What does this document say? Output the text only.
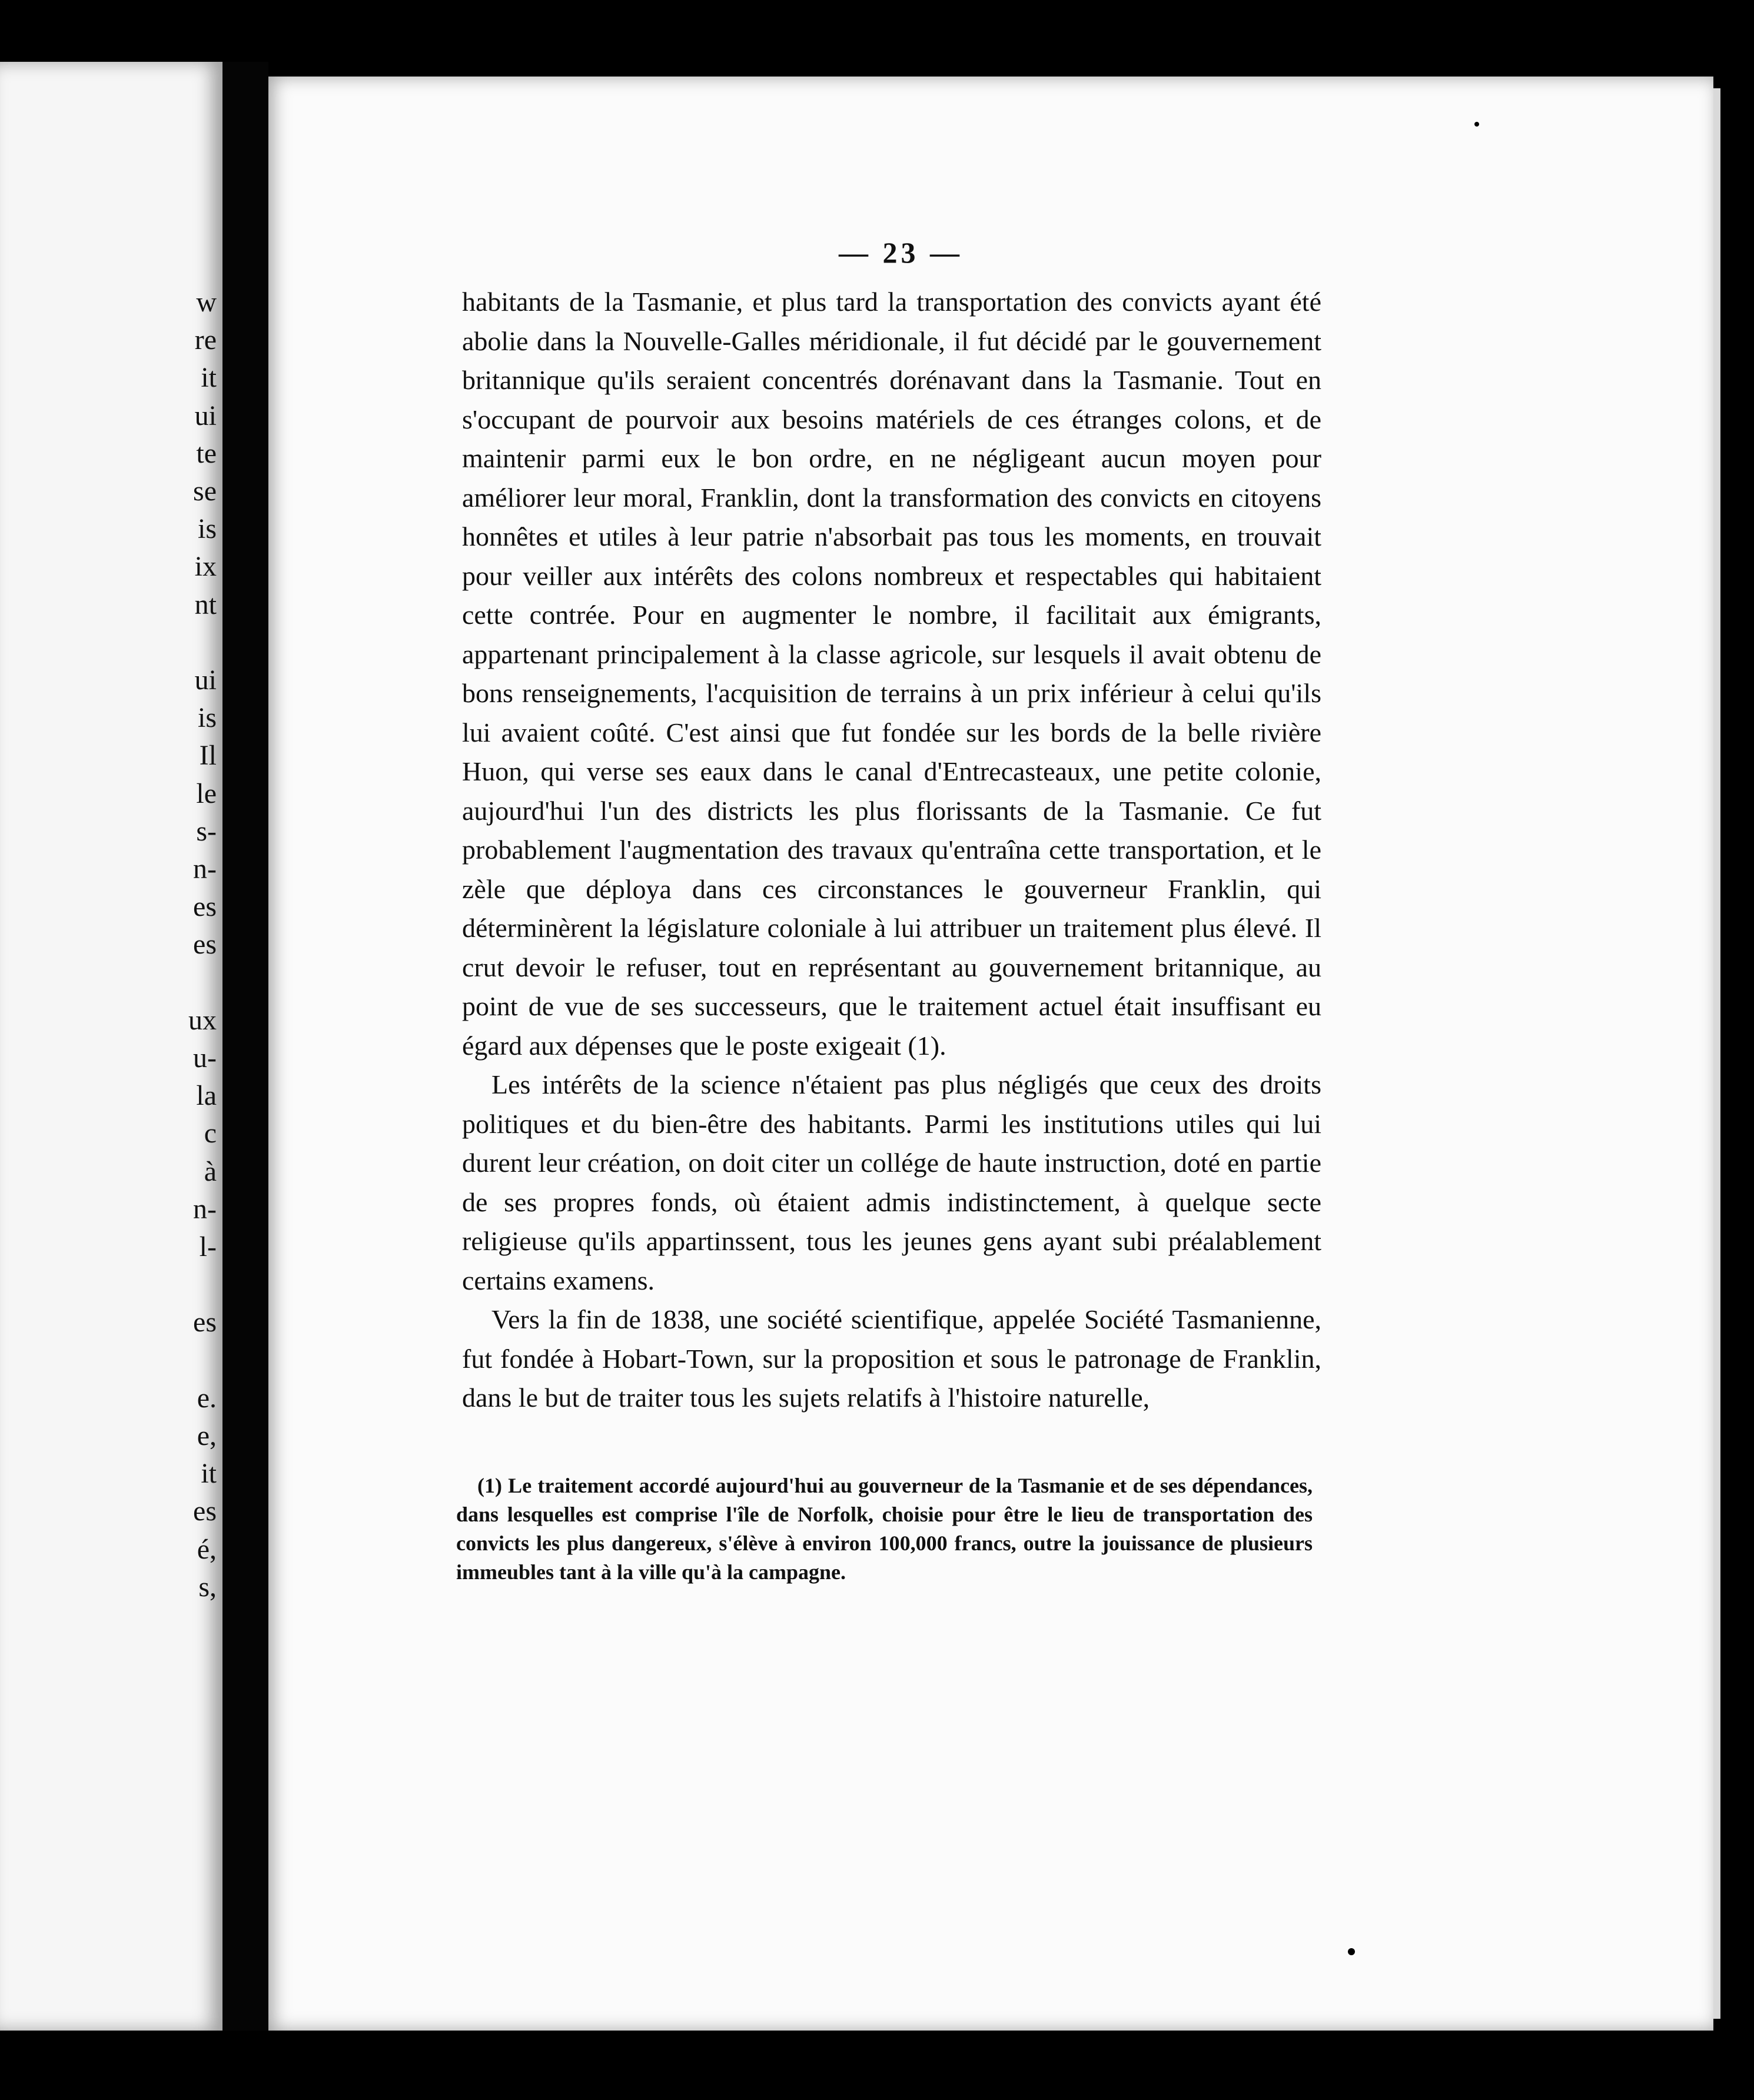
w
re
it
ui
te
se
is
ix
nt
ui
is
Il
le
s-
n-
es
es
ux
u-
la
c
à
n-
l-
es
e.
e,
it
es
é,
s,
— 23 —

habitants de la Tasmanie, et plus tard la transportation des convicts ayant été abolie dans la Nouvelle-Galles méridionale, il fut décidé par le gouvernement britannique qu'ils seraient concentrés dorénavant dans la Tasmanie. Tout en s'occupant de pourvoir aux besoins matériels de ces étranges colons, et de maintenir parmi eux le bon ordre, en ne négligeant aucun moyen pour améliorer leur moral, Franklin, dont la transformation des convicts en citoyens honnêtes et utiles à leur patrie n'absorbait pas tous les moments, en trouvait pour veiller aux intérêts des colons nombreux et respectables qui habitaient cette contrée. Pour en augmenter le nombre, il facilitait aux émigrants, appartenant principalement à la classe agricole, sur lesquels il avait obtenu de bons renseignements, l'acquisition de terrains à un prix inférieur à celui qu'ils lui avaient coûté. C'est ainsi que fut fondée sur les bords de la belle rivière Huon, qui verse ses eaux dans le canal d'Entrecasteaux, une petite colonie, aujourd'hui l'un des districts les plus florissants de la Tasmanie. Ce fut probablement l'augmentation des travaux qu'entraîna cette transportation, et le zèle que déploya dans ces circonstances le gouverneur Franklin, qui déterminèrent la législature coloniale à lui attribuer un traitement plus élevé. Il crut devoir le refuser, tout en représentant au gouvernement britannique, au point de vue de ses successeurs, que le traitement actuel était insuffisant eu égard aux dépenses que le poste exigeait (1).

Les intérêts de la science n'étaient pas plus négligés que ceux des droits politiques et du bien-être des habitants. Parmi les institutions utiles qui lui durent leur création, on doit citer un collége de haute instruction, doté en partie de ses propres fonds, où étaient admis indistinctement, à quelque secte religieuse qu'ils appartinssent, tous les jeunes gens ayant subi préalablement certains examens.

Vers la fin de 1838, une société scientifique, appelée Société Tasmanienne, fut fondée à Hobart-Town, sur la proposition et sous le patronage de Franklin, dans le but de traiter tous les sujets relatifs à l'histoire naturelle,

(1) Le traitement accordé aujourd'hui au gouverneur de la Tasmanie et de ses dépendances, dans lesquelles est comprise l'île de Norfolk, choisie pour être le lieu de transportation des convicts les plus dangereux, s'élève à environ 100,000 francs, outre la jouissance de plusieurs immeubles tant à la ville qu'à la campagne.
